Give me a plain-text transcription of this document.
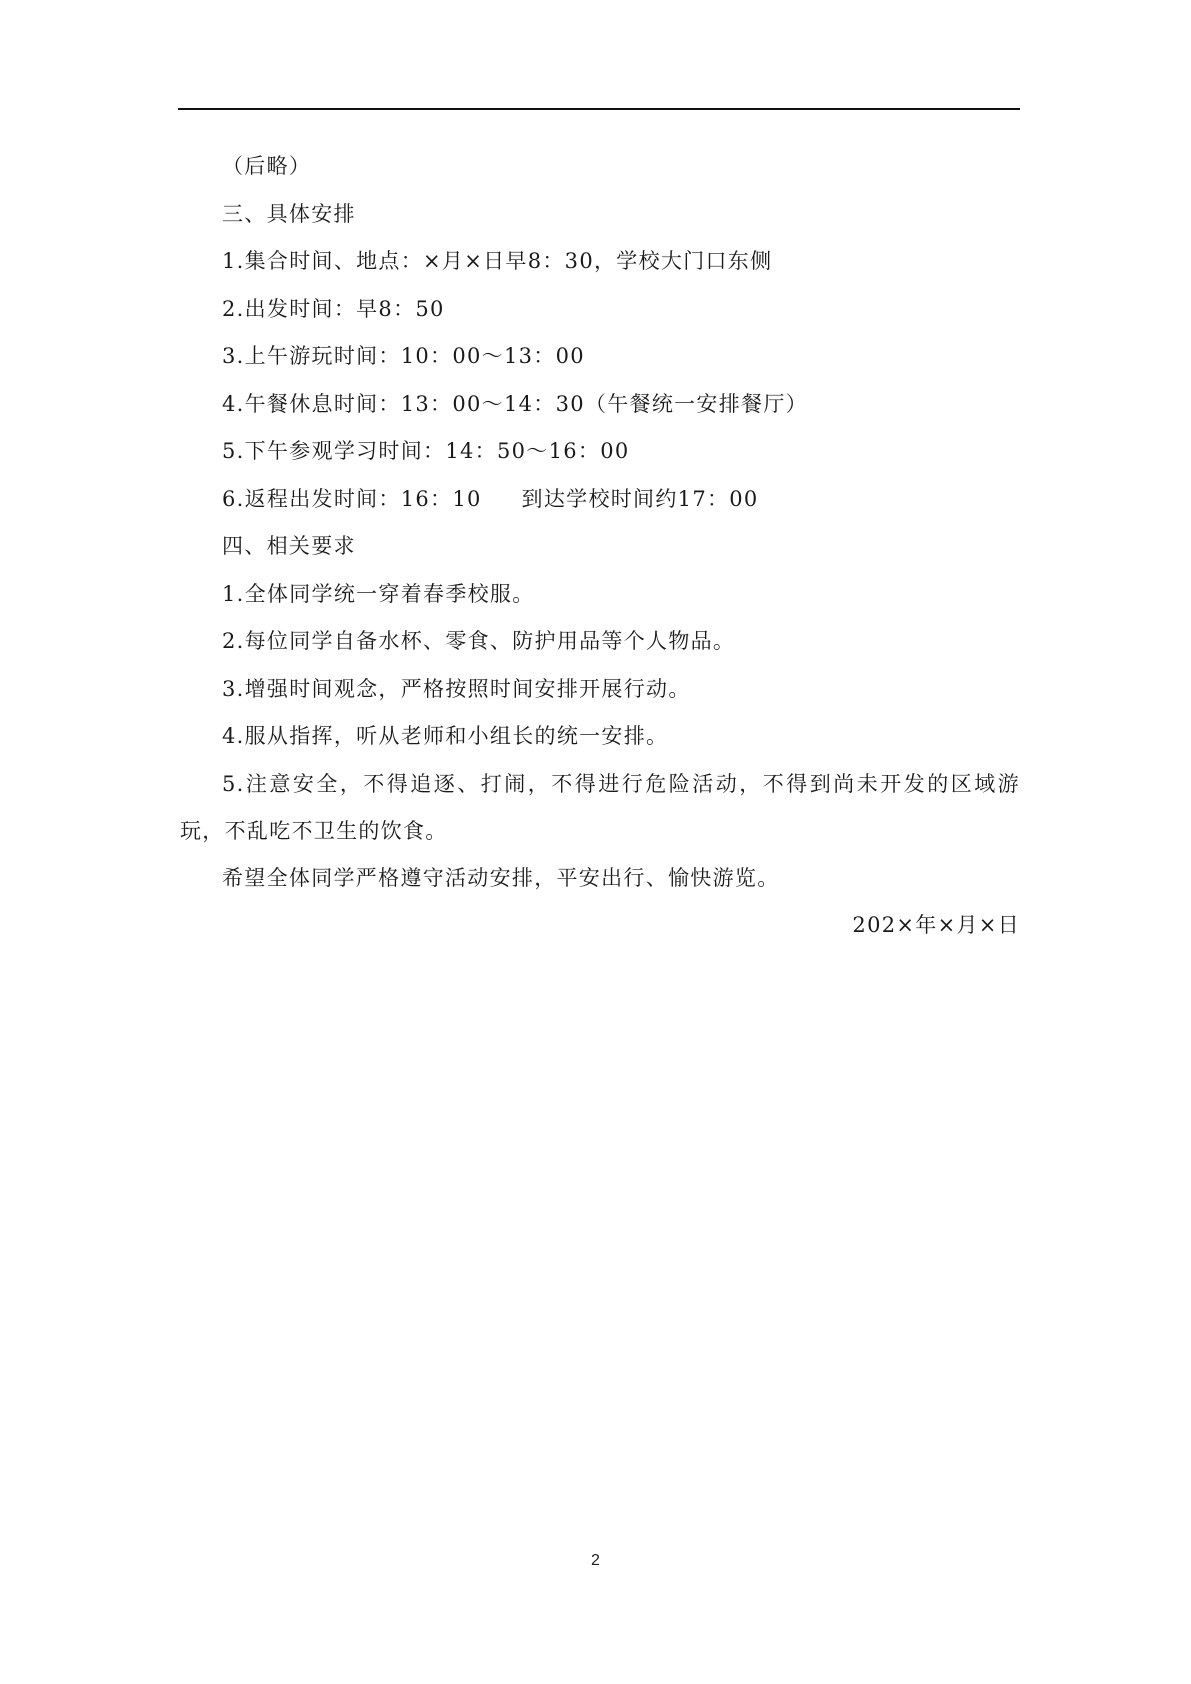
（后略）

三、具体安排

1.集合时间、地点：×月×日早8：30，学校大门口东侧

2.出发时间：早8：50

3.上午游玩时间：10：00～13：00

4.午餐休息时间：13：00～14：30（午餐统一安排餐厅）

5.下午参观学习时间：14：50～16：00

6.返程出发时间：16：10     到达学校时间约17：00

四、相关要求

1.全体同学统一穿着春季校服。

2.每位同学自备水杯、零食、防护用品等个人物品。

3.增强时间观念，严格按照时间安排开展行动。

4.服从指挥，听从老师和小组长的统一安排。

5.注意安全，不得追逐、打闹，不得进行危险活动，不得到尚未开发的区域游玩，不乱吃不卫生的饮食。

希望全体同学严格遵守活动安排，平安出行、愉快游览。

202×年×月×日

2
